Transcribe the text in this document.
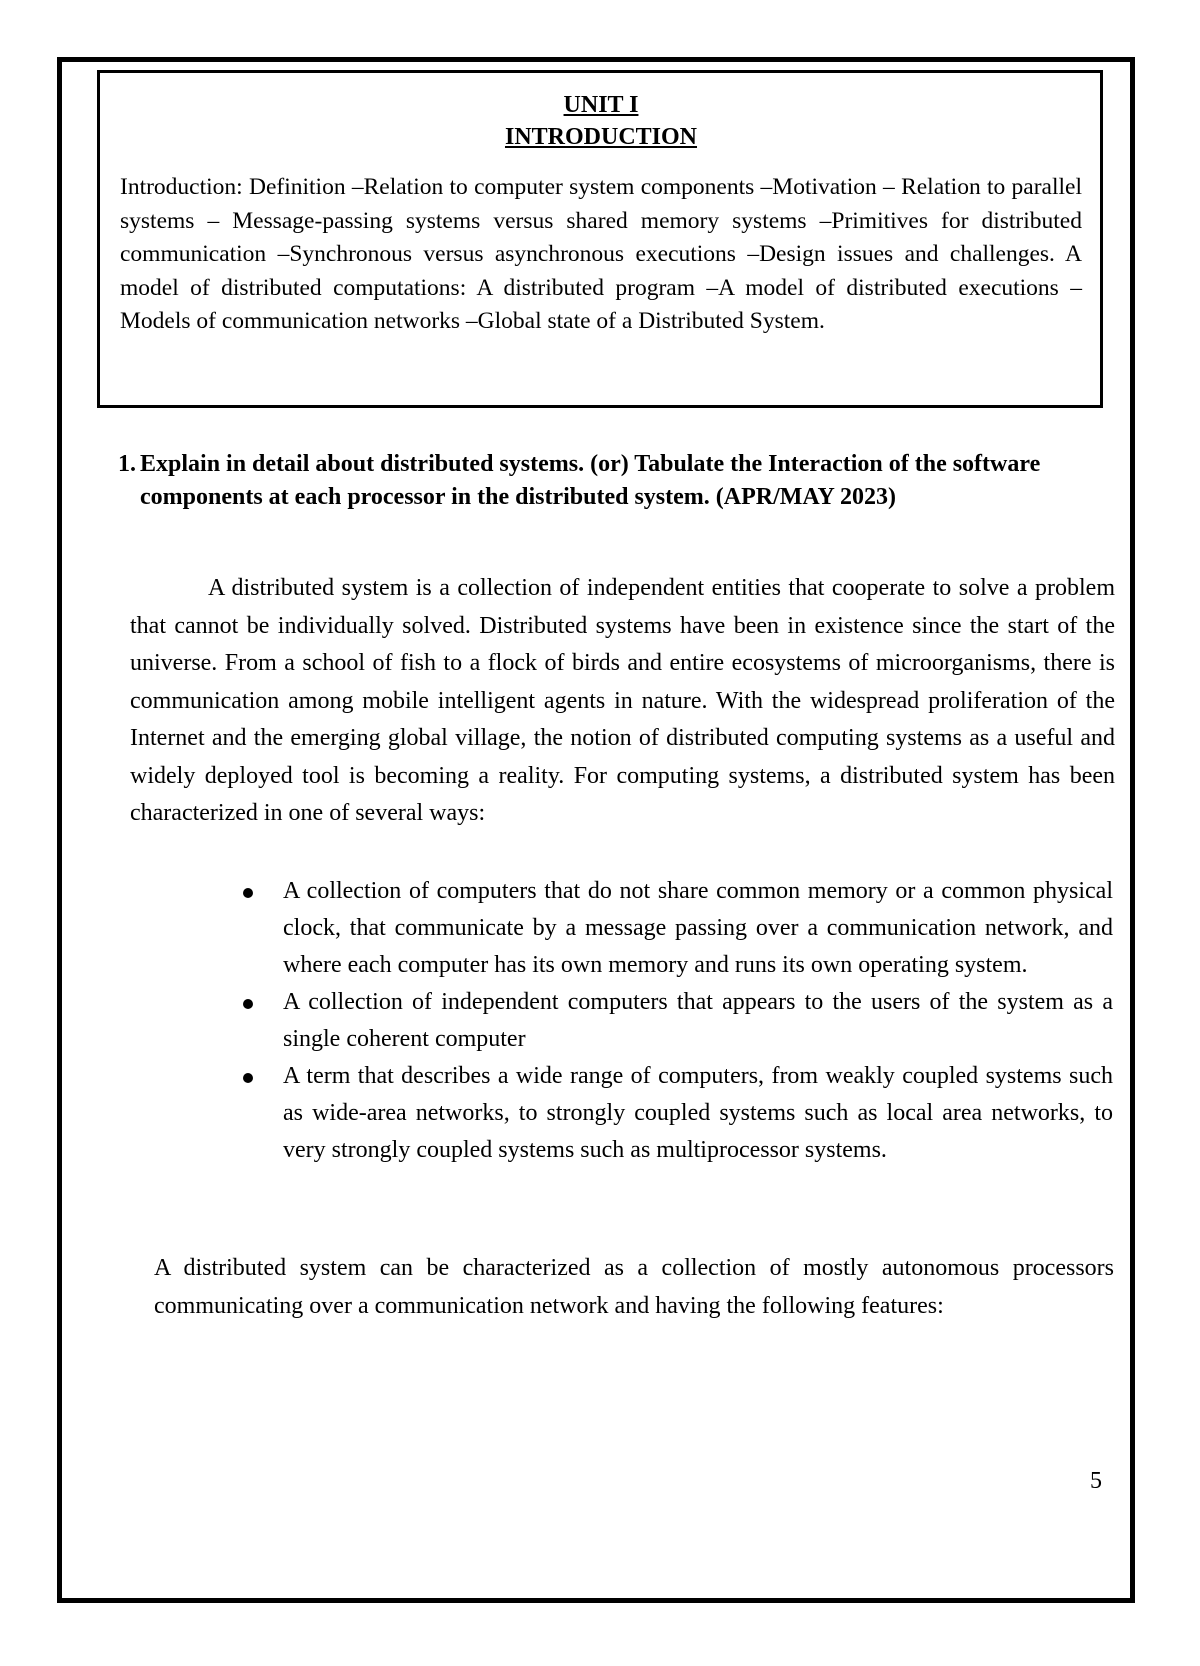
UNIT I
INTRODUCTION
Introduction: Definition –Relation to computer system components –Motivation – Relation to parallel systems – Message-passing systems versus shared memory systems –Primitives for distributed communication –Synchronous versus asynchronous executions –Design issues and challenges. A model of distributed computations: A distributed program –A model of distributed executions –Models of communication networks –Global state of a Distributed System.
1. Explain in detail about distributed systems. (or) Tabulate the Interaction of the software components at each processor in the distributed system. (APR/MAY 2023)
A distributed system is a collection of independent entities that cooperate to solve a problem that cannot be individually solved. Distributed systems have been in existence since the start of the universe. From a school of fish to a flock of birds and entire ecosystems of microorganisms, there is communication among mobile intelligent agents in nature. With the widespread proliferation of the Internet and the emerging global village, the notion of distributed computing systems as a useful and widely deployed tool is becoming a reality. For computing systems, a distributed system has been characterized in one of several ways:
A collection of computers that do not share common memory or a common physical clock, that communicate by a message passing over a communication network, and where each computer has its own memory and runs its own operating system.
A collection of independent computers that appears to the users of the system as a single coherent computer
A term that describes a wide range of computers, from weakly coupled systems such as wide-area networks, to strongly coupled systems such as local area networks, to very strongly coupled systems such as multiprocessor systems.
A distributed system can be characterized as a collection of mostly autonomous processors communicating over a communication network and having the following features:
5
